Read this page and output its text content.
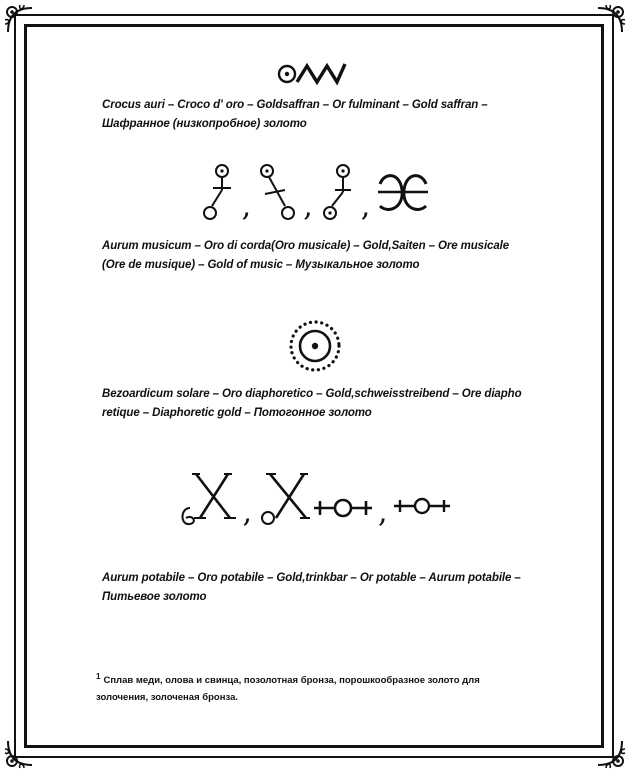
Crocus auri – Croco d' oro – Goldsaffran – Or fulminant – Gold saffran –
Шафранное (низкопробное) золото
, , ,
Aurum musicum – Oro di corda(Oro musicale) – Gold,Saiten – Ore musicale
(Ore de musique) – Gold of music – Музыкальное золото
Bezoardicum solare – Oro diaphoretico – Gold,schweisstreibend – Ore diapho
retique – Diaphoretic gold – Потогонное золото
,	,
Aurum potabile – Oro potabile – Gold,trinkbar – Or potable – Aurum potabile –
Питьевое золото
$^1$ Сплав меди, олова и свинца, позолотная бронза, порошкообразное золото для
золочения, золоченая бронза.
